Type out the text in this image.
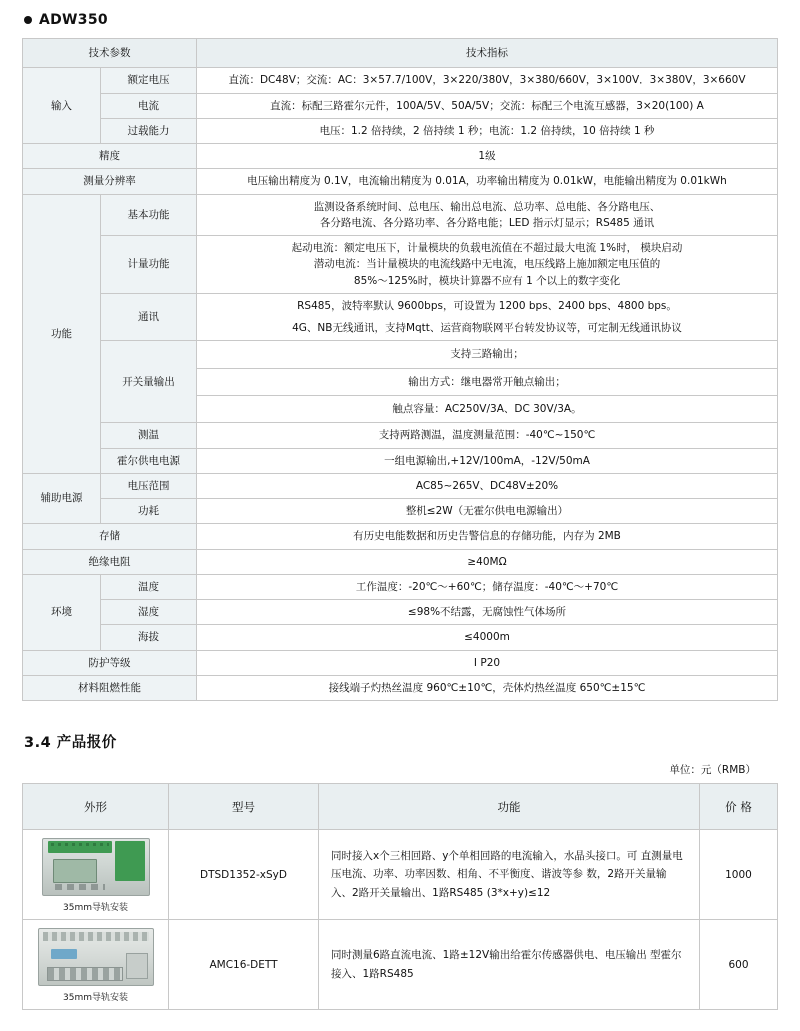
ADW350
技术参数		技术指标
输入	额定电压	直流：DC48V；交流：AC：3×57.7/100V，3×220/380V，3×380/660V，3×100V．3×380V，3×660V

	电流	直流：标配三路霍尔元件，100A/5V、50A/5V；交流：标配三个电流互感器，3×20(100) A

	过载能力	电压：1.2 倍持续，2 倍持续 1 秒；电流：1.2 倍持续，10 倍持续 1 秒

精度		1级

测量分辨率		电压输出精度为 0.1V，电流输出精度为 0.01A，功率输出精度为 0.01kW，电能输出精度为 0.01kWh

功能	基本功能	监测设备系统时间、总电压、输出总电流、总功率、总电能、各分路电压、
各分路电流、各分路功率、各分路电能；LED 指示灯显示；RS485 通讯

	计量功能	起动电流：额定电压下，计量模块的负载电流值在不超过最大电流 1%时， 模块启动
潜动电流：当计量模块的电流线路中无电流，电压线路上施加额定电压值的
85%～125%时，模块计算器不应有 1 个以上的数字变化

	通讯	RS485，波特率默认 9600bps，可设置为 1200 bps、2400 bps、4800 bps。
4G、NB无线通讯，支持Mqtt、运营商物联网平台转发协议等，可定制无线通讯协议

	开关量输出	支持三路输出；
输出方式：继电器常开触点输出；
触点容量：AC250V/3A、DC 30V/3A。

	测温	支持两路测温，温度测量范围：-40℃~150℃

	霍尔供电电源	一组电源输出,+12V/100mA，-12V/50mA

辅助电源	电压范围	AC85~265V、DC48V±20%

	功耗	整机≤2W（无霍尔供电电源输出）

存储		有历史电能数据和历史告警信息的存储功能，内存为 2MB

绝缘电阻		≥40MΩ

环境	温度	工作温度：-20℃～+60℃；储存温度：-40℃～+70℃

	湿度	≤98%不结露，无腐蚀性气体场所

	海拔	≤4000m

防护等级		I P20

材料阻燃性能		接线端子灼热丝温度 960℃±10℃，壳体灼热丝温度 650℃±15℃
3.4 产品报价
单位：元（RMB）
外形	型号	功能	价 格

35mm导轨安装	DTSD1352-xSyD	同时接入x个三相回路、y个单相回路的电流输入，水晶头接口。可 直测量电压电流、功率、功率因数、相角、不平衡度、谐波等参 数，2路开关量输入、2路开关量输出、1路RS485 (3*x+y)≤12	1000

35mm导轨安装	AMC16-DETT	同时测量6路直流电流、1路±12V输出给霍尔传感器供电、电压输出 型霍尔接入、1路RS485	600
